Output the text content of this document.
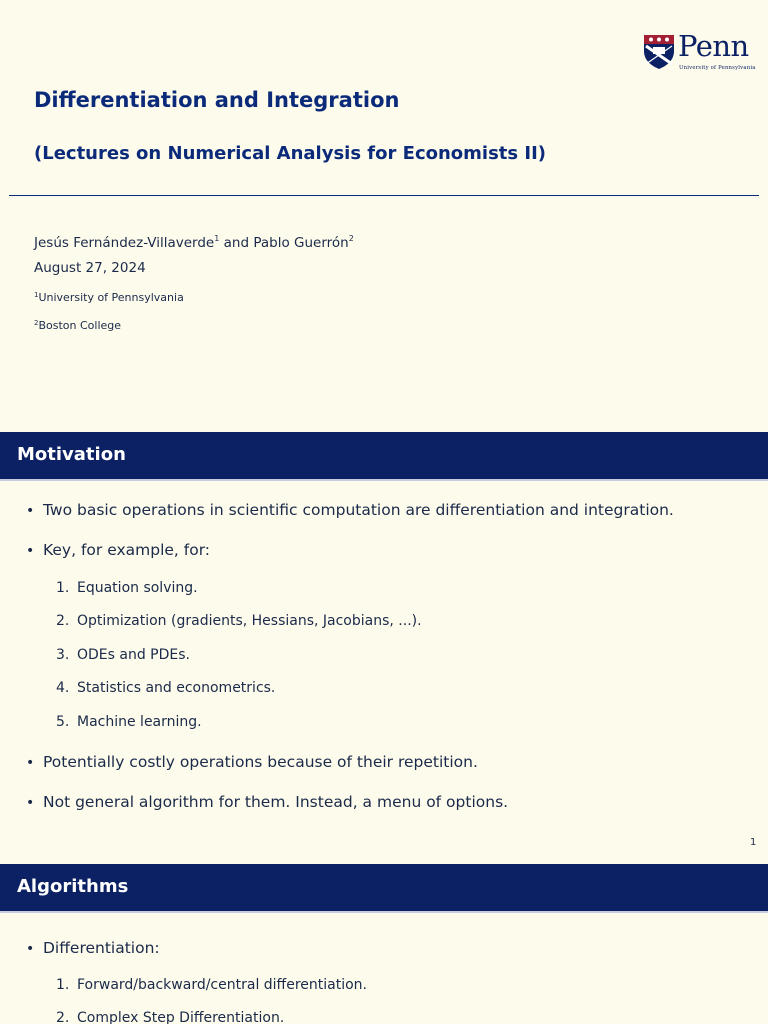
Penn
University of Pennsylvania
Differentiation and Integration
(Lectures on Numerical Analysis for Economists II)
Jesús Fernández-Villaverde$^1$ and Pablo Guerrón$^2$
August 27, 2024
$^1$University of Pennsylvania
$^2$Boston College
Motivation
• Two basic operations in scientific computation are differentiation and integration.
• Key, for example, for:
1. Equation solving.
2. Optimization (gradients, Hessians, Jacobians, ...).
3. ODEs and PDEs.
4. Statistics and econometrics.
5. Machine learning.
• Potentially costly operations because of their repetition.
• Not general algorithm for them. Instead, a menu of options.
1
Algorithms
• Differentiation:
1. Forward/backward/central differentiation.
2. Complex Step Differentiation.
